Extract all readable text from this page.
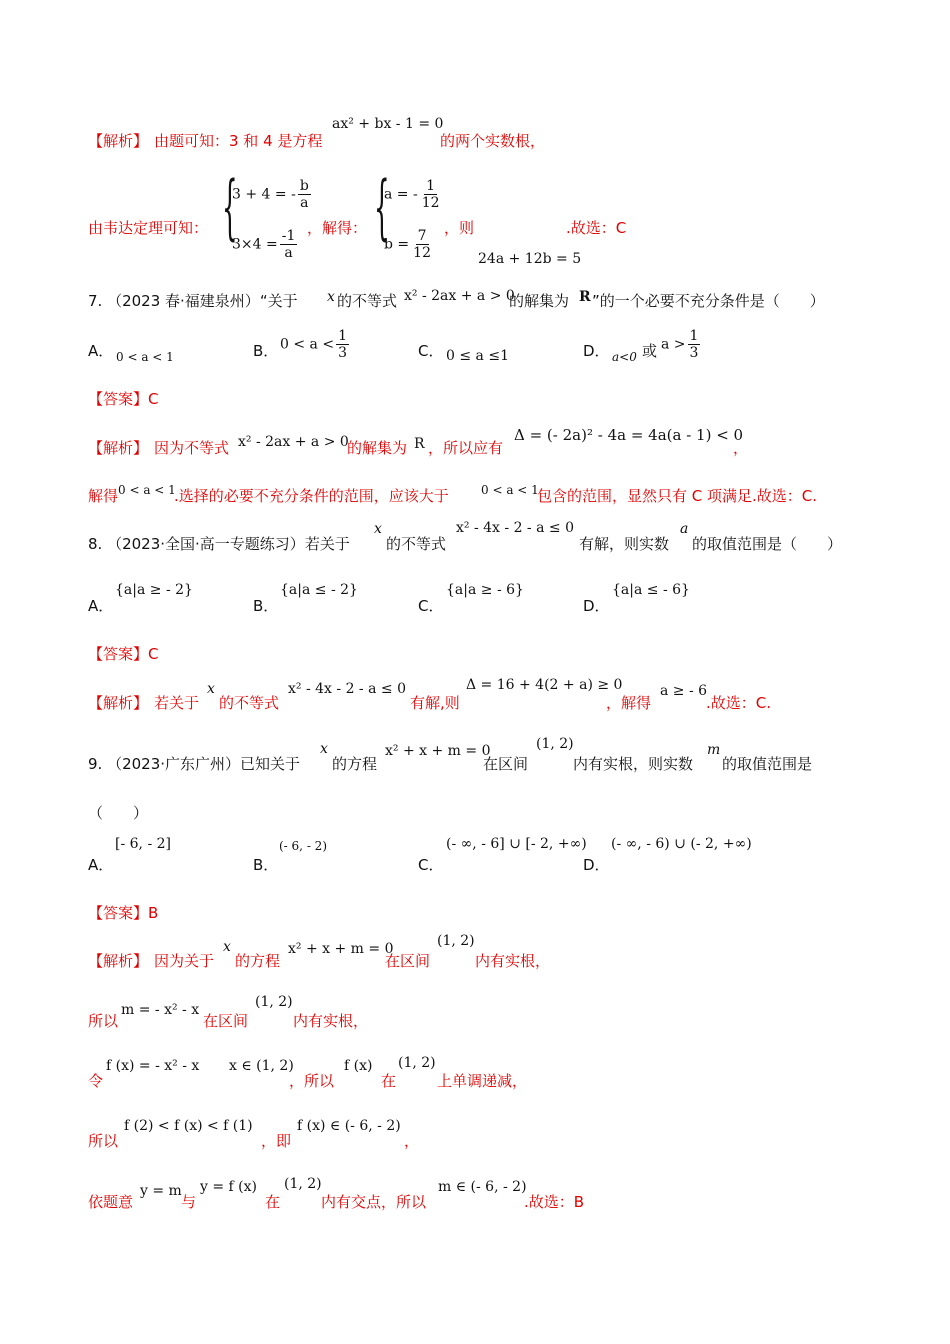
【解析】 由题可知：3 和 4 是方程
ax² + bx - 1 = 0
的两个实数根，
由韦达定理可知： {
3 + 4 = - $\frac{b}{a}$
$3\times 4 = \frac{-1}{a}$ ，解得： {
a = - $\frac{1}{12}$
$b = \frac{7}{12}$ ，则	.故选：C
24a + 12b = 5
7. （2023 春·福建泉州）“关于 x 的不等式 x² - 2ax + a > 0
的解集为 R ”的一个必要不充分条件是（　　）
A． 0 < a < 1	B． $0 < a < \frac{1}{3}$	C． 0 ≤ a ≤1	D． a<0 或 $a > \frac{1}{3}$
【答案】C
【解析】 因为不等式 x² - 2ax + a > 0
的解集为 R ，所以应有
Δ = (- 2a)² - 4a = 4a(a - 1) < 0
，
解得 0 < a < 1
.选择的必要不充分条件的范围，应该大于	0 < a < 1
包含的范围，显然只有 C 项满足.故选：C.
8. （2023·全国·高一专题练习）若关于
x
的不等式
x² - 4x - 2 - a ≤ 0
有解，则实数
a
的取值范围是（　　）
A．
{a|a ≥ - 2}
B．
{a|a ≤ - 2}
C．
{a|a ≥ - 6}
D．
{a|a ≤ - 6}
【答案】C
【解析】 若关于
x
的不等式
x² - 4x - 2 - a ≤ 0
有解,则
Δ = 16 + 4(2 + a) ≥ 0
，解得
a ≥ - 6
.故选：C.
9. （2023·广东广州）已知关于
x
的方程
x² + x + m = 0
在区间
(1, 2)
内有实根，则实数
m
的取值范围是
（　　）
A．
[- 6, - 2]
B．
(- 6, - 2)
C．
(- ∞, - 6] ∪ [- 2, +∞)
D．
(- ∞, - 6) ∪ (- 2, +∞)
【答案】B
【解析】 因为关于
x
的方程
x² + x + m = 0
在区间
(1, 2)
内有实根，
所以
m = - x² - x
在区间
(1, 2)
内有实根，
令
f (x) = - x² - x x ∈ (1, 2)
，所以
f (x)
在
(1, 2)
上单调递减，
所以
f (2) < f (x) < f (1)
，即
f (x) ∈ (- 6, - 2)
，
依题意
y = m
与
y = f (x)
在
(1, 2)
内有交点，所以
m ∈ (- 6, - 2)
.故选：B
